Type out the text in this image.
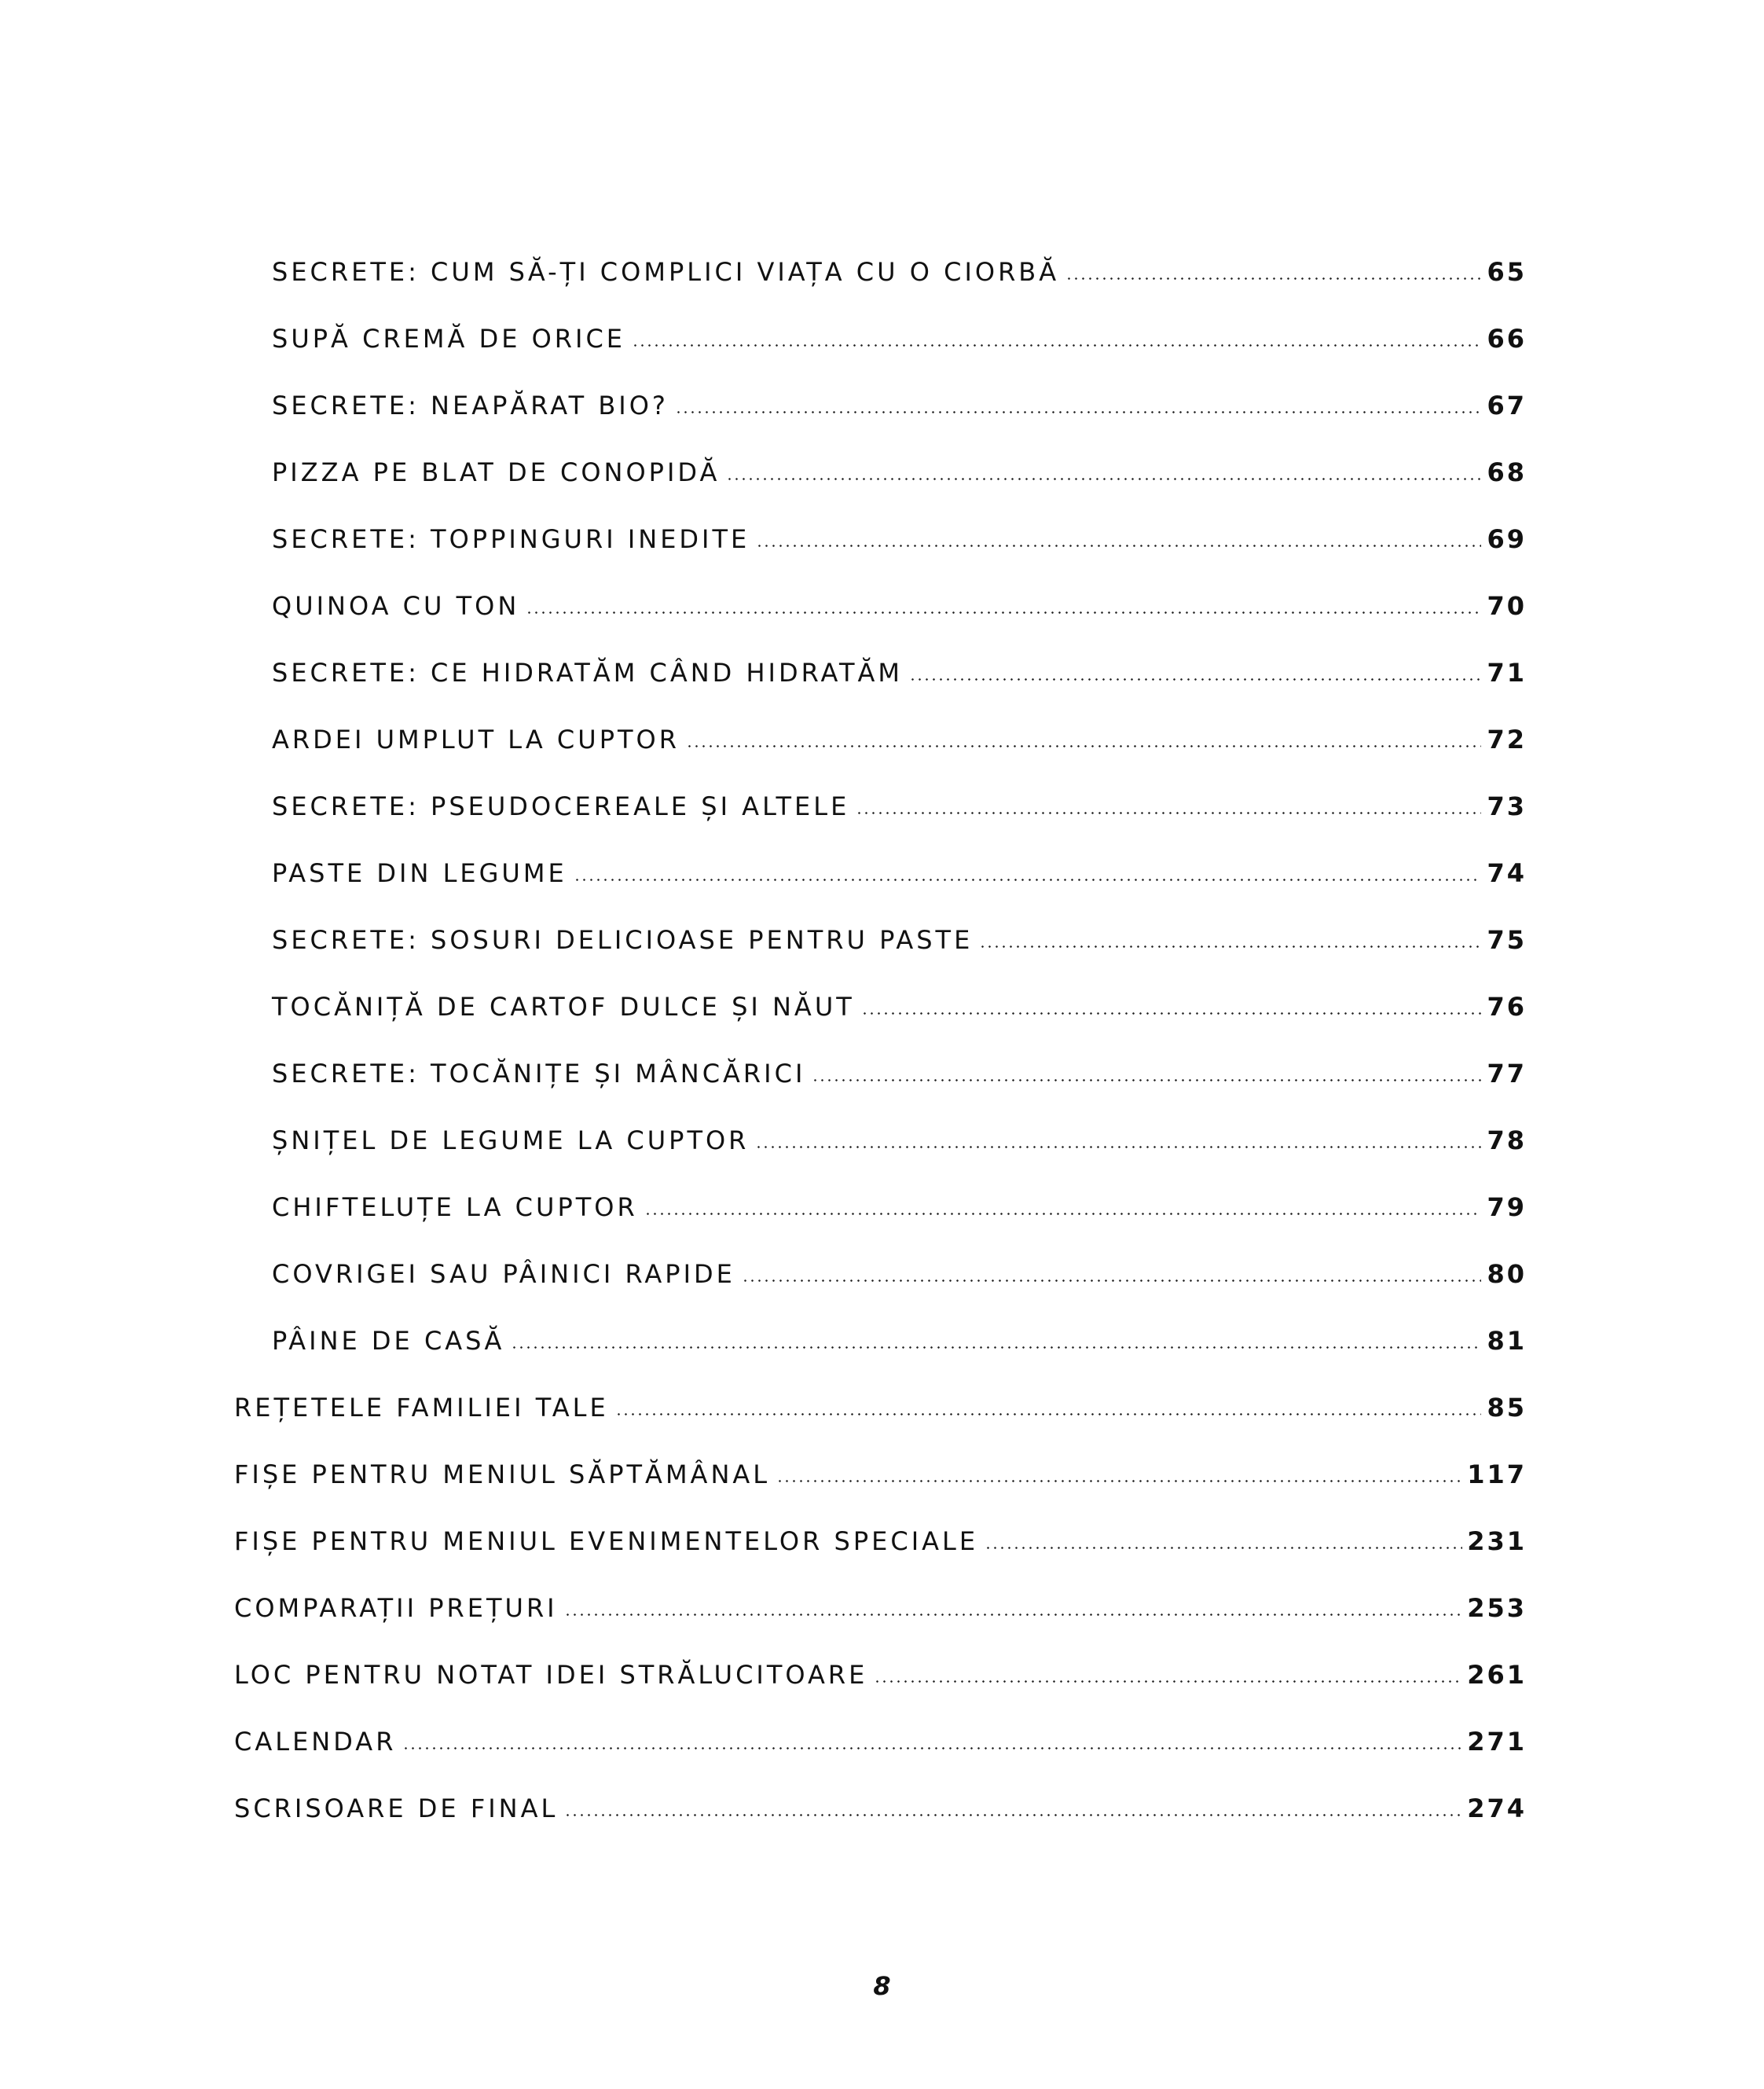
SECRETE: CUM SĂ-ȚI COMPLICI VIAȚA CU O CIORBĂ	65
SUPĂ CREMĂ DE ORICE	66
SECRETE: NEAPĂRAT BIO?	67
PIZZA PE BLAT DE CONOPIDĂ	68
SECRETE: TOPPINGURI INEDITE	69
QUINOA CU TON	70
SECRETE: CE HIDRATĂM CÂND HIDRATĂM	71
ARDEI UMPLUT LA CUPTOR	72
SECRETE: PSEUDOCEREALE ȘI ALTELE	73
PASTE DIN LEGUME	74
SECRETE: SOSURI DELICIOASE PENTRU PASTE	75
TOCĂNIȚĂ DE CARTOF DULCE ȘI NĂUT	76
SECRETE: TOCĂNIȚE ȘI MÂNCĂRICI	77
ȘNIȚEL DE LEGUME LA CUPTOR	78
CHIFTELUȚE LA CUPTOR	79
COVRIGEI SAU PÂINICI RAPIDE	80
PÂINE DE CASĂ	81
REȚETELE FAMILIEI TALE	85
FIȘE PENTRU MENIUL SĂPTĂMÂNAL	117
FIȘE PENTRU MENIUL EVENIMENTELOR SPECIALE	231
COMPARAȚII PREȚURI	253
LOC PENTRU NOTAT IDEI STRĂLUCITOARE	261
CALENDAR	271
SCRISOARE DE FINAL	274
8
